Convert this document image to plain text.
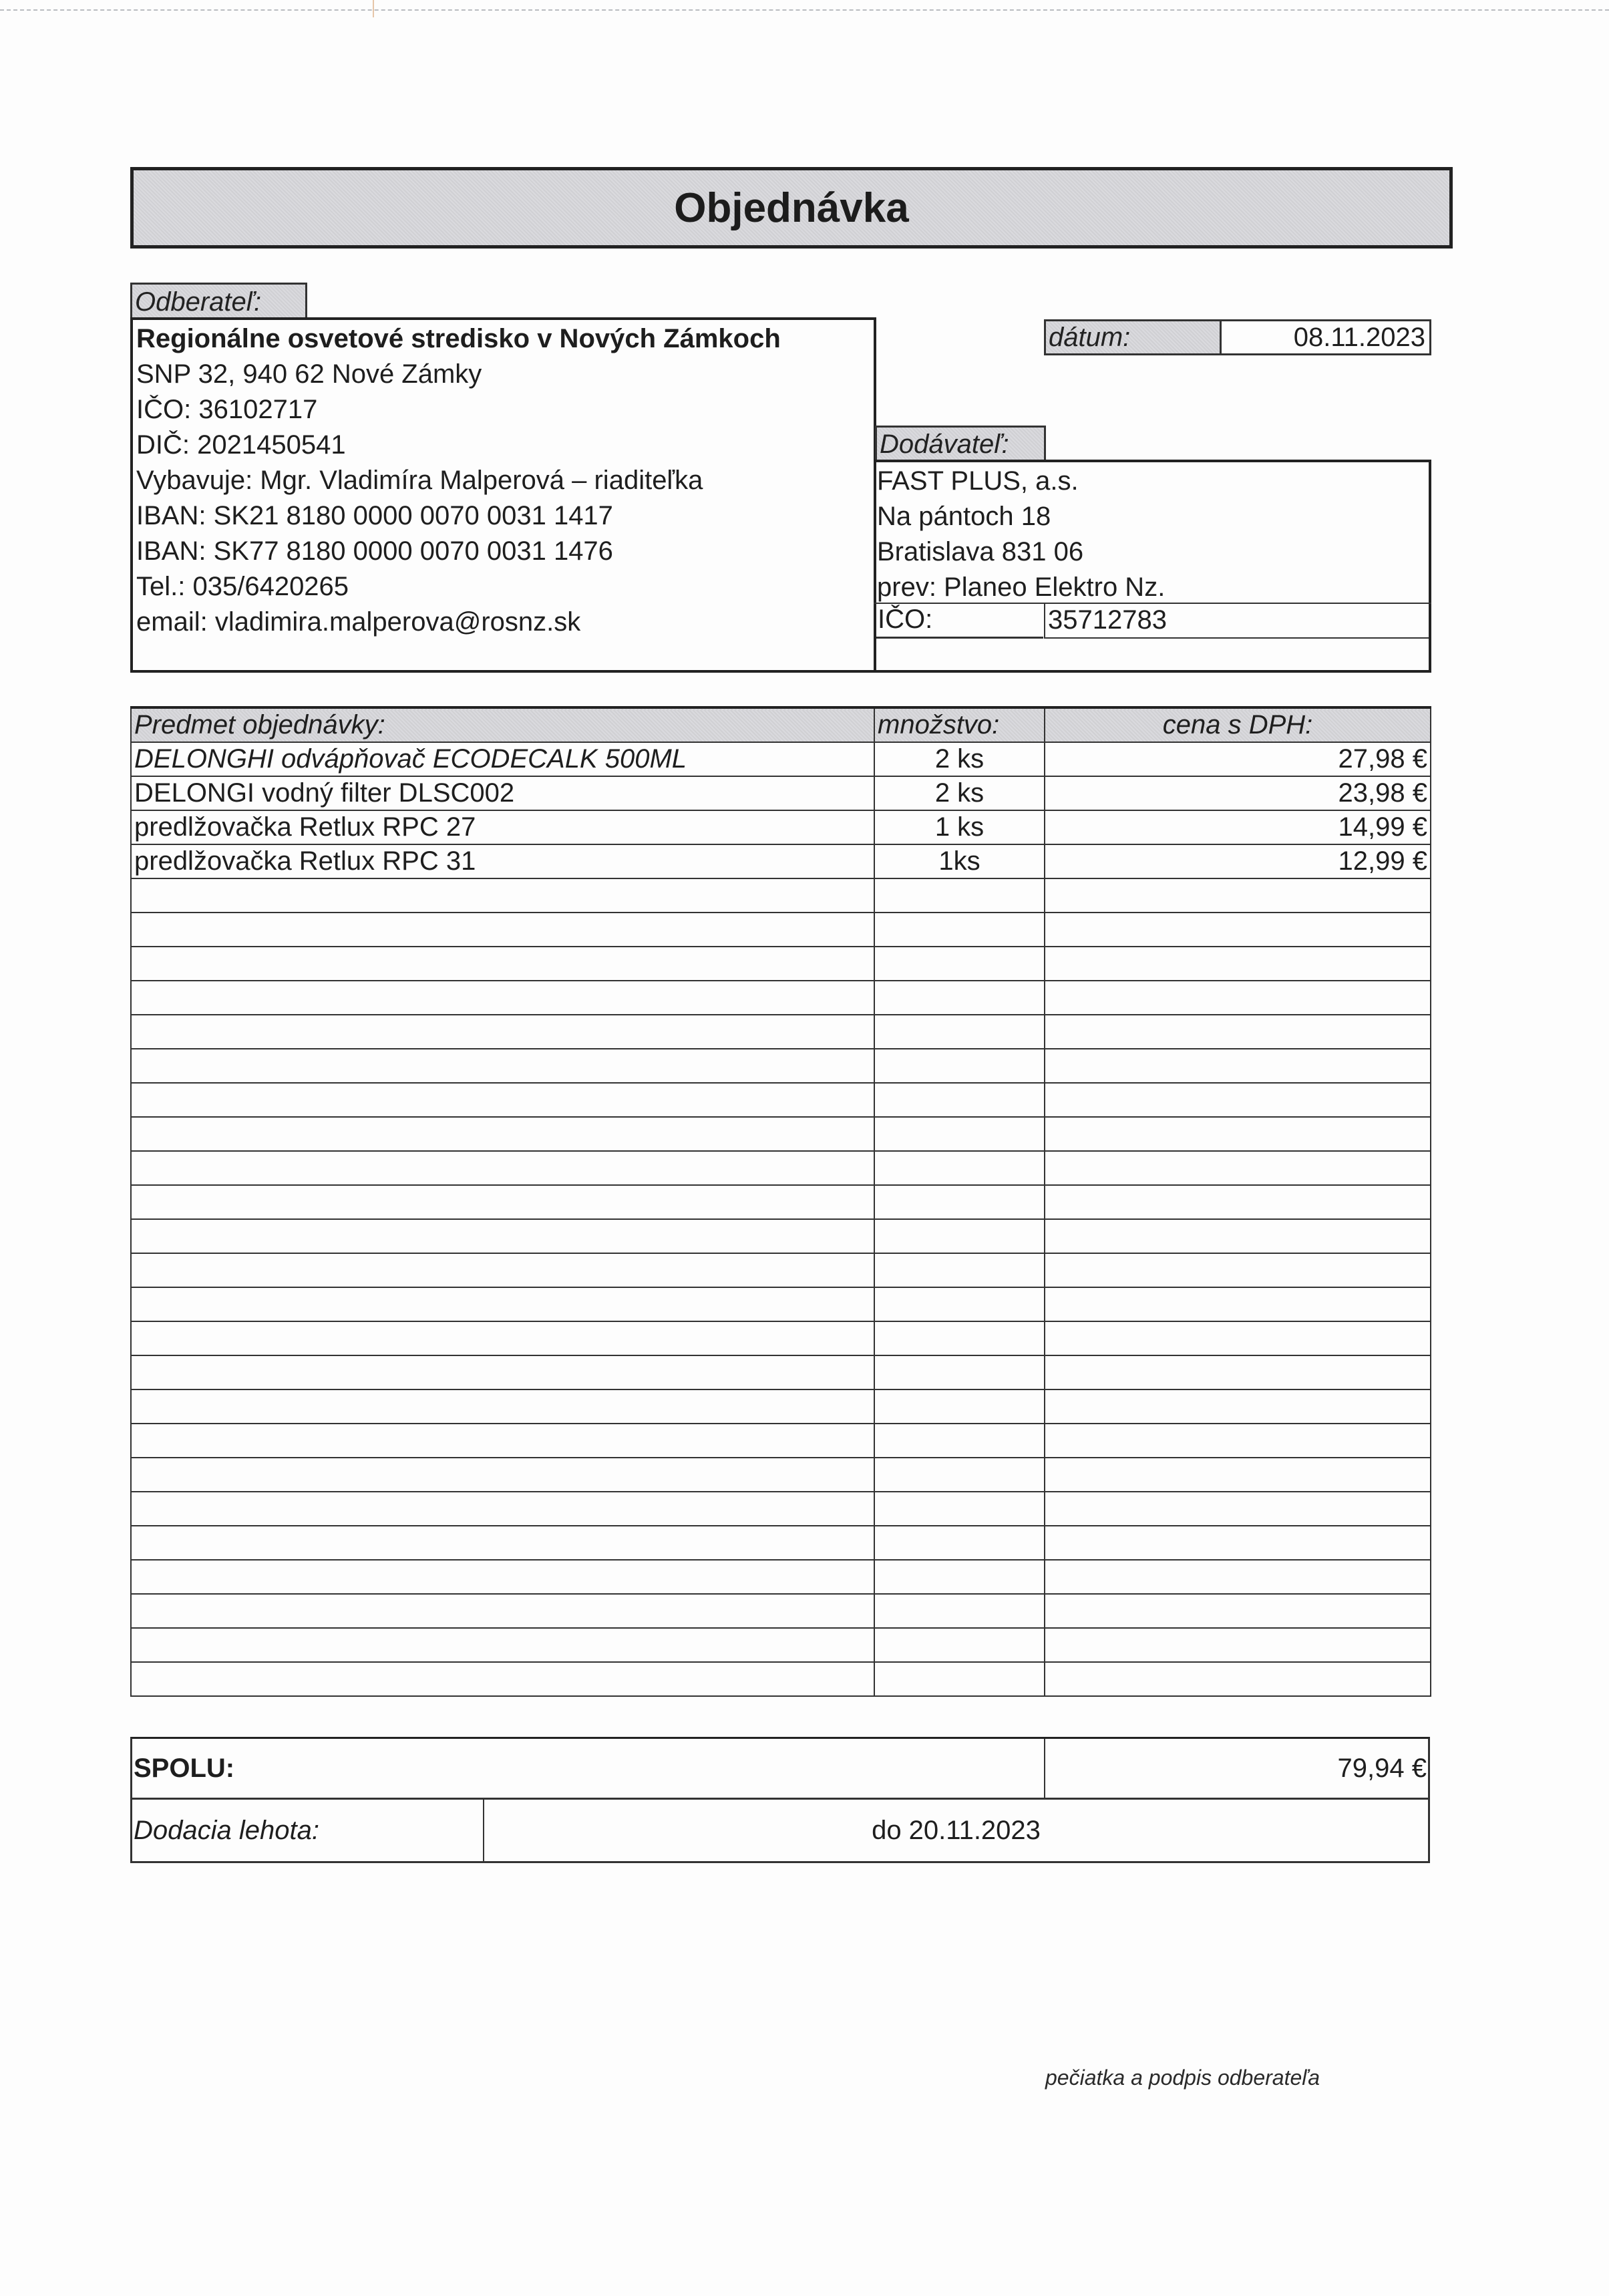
Objednávka
Odberateľ:
Regionálne osvetové stredisko v Nových Zámkoch
SNP 32, 940 62 Nové Zámky
IČO: 36102717
DIČ: 2021450541
Vybavuje: Mgr. Vladimíra Malperová – riaditeľka
IBAN: SK21 8180 0000 0070 0031 1417
IBAN: SK77 8180 0000 0070 0031 1476
Tel.: 035/6420265
email: vladimira.malperova@rosnz.sk
dátum:	08.11.2023
Dodávateľ:
FAST PLUS, a.s.
Na pántoch 18
Bratislava 831 06
prev: Planeo Elektro Nz.
IČO:	35712783
Predmet objednávky:	množstvo:	cena s DPH:
DELONGHI odvápňovač ECODECALK 500ML	2 ks	27,98 €
DELONGI vodný filter DLSC002	2 ks	23,98 €
predlžovačka Retlux RPC 27	1 ks	14,99 €
predlžovačka Retlux RPC 31	1ks	12,99 €

SPOLU:	79,94 €
Dodacia lehota:	do 20.11.2023
pečiatka a podpis odberateľa
